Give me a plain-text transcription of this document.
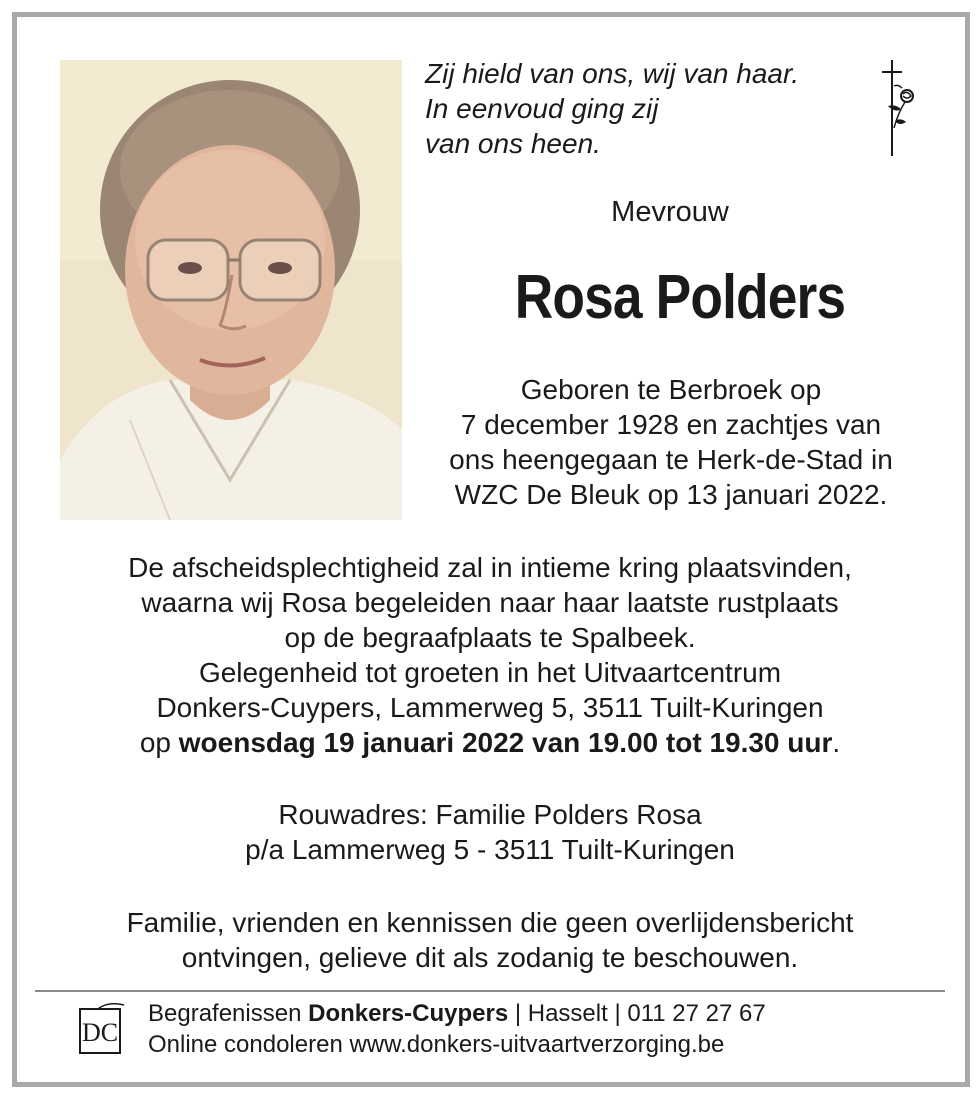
Zij hield van ons, wij van haar.
In eenvoud ging zij
van ons heen.
Mevrouw
Rosa Polders
Geboren te Berbroek op
7 december 1928 en zachtjes van
ons heengegaan te Herk-de-Stad in
WZC De Bleuk op 13 januari 2022.
De afscheidsplechtigheid zal in intieme kring plaatsvinden,
waarna wij Rosa begeleiden naar haar laatste rustplaats
op de begraafplaats te Spalbeek.
Gelegenheid tot groeten in het Uitvaartcentrum
Donkers-Cuypers, Lammerweg 5, 3511 Tuilt-Kuringen
op woensdag 19 januari 2022 van 19.00 tot 19.30 uur.
Rouwadres: Familie Polders Rosa
p/a Lammerweg 5 - 3511 Tuilt-Kuringen
Familie, vrienden en kennissen die geen overlijdensbericht
ontvingen, gelieve dit als zodanig te beschouwen.
DC
Begrafenissen Donkers-Cuypers | Hasselt | 011 27 27 67
Online condoleren www.donkers-uitvaartverzorging.be
